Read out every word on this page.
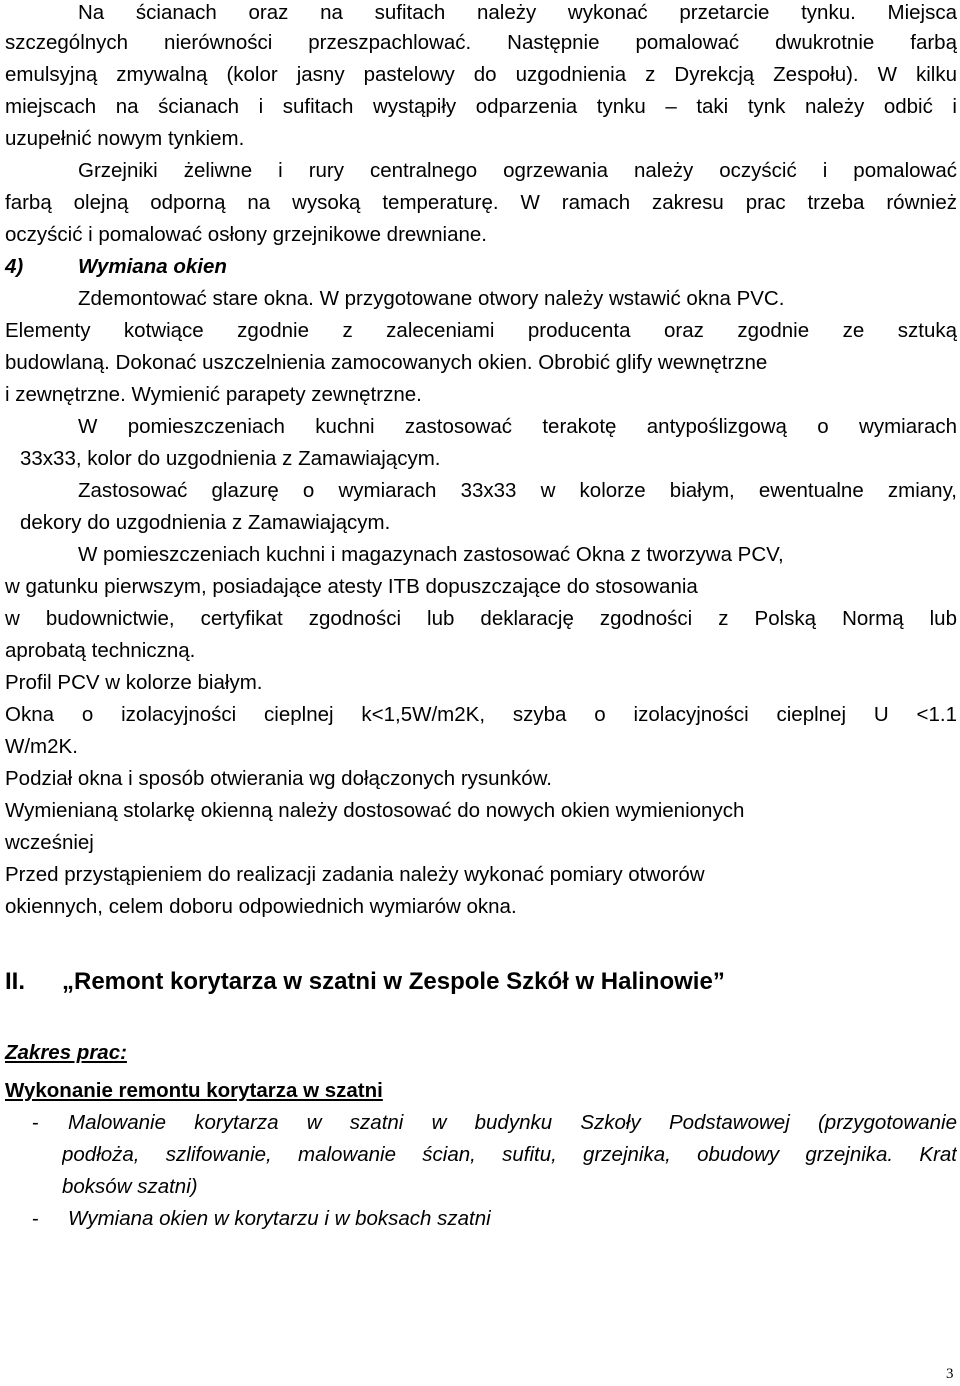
Na ścianach oraz na sufitach należy wykonać przetarcie tynku. Miejsca
szczególnych nierówności przeszpachlować. Następnie pomalować dwukrotnie farbą
emulsyjną zmywalną (kolor jasny pastelowy do uzgodnienia z Dyrekcją Zespołu). W kilku
miejscach na ścianach i sufitach wystąpiły odparzenia tynku – taki tynk należy odbić i
uzupełnić nowym tynkiem.
Grzejniki żeliwne i rury centralnego ogrzewania należy oczyścić i pomalować
farbą olejną odporną na wysoką temperaturę. W ramach zakresu prac trzeba również
oczyścić i pomalować osłony grzejnikowe drewniane.
4)	Wymiana okien
Zdemontować stare okna. W przygotowane otwory należy wstawić okna PVC.
Elementy kotwiące zgodnie z zaleceniami producenta oraz zgodnie ze sztuką
budowlaną. Dokonać uszczelnienia zamocowanych okien. Obrobić glify wewnętrzne
i zewnętrzne. Wymienić parapety zewnętrzne.
W pomieszczeniach kuchni zastosować terakotę antypoślizgową o wymiarach
33x33, kolor do uzgodnienia z Zamawiającym.
Zastosować glazurę o wymiarach 33x33 w kolorze białym, ewentualne zmiany,
dekory do uzgodnienia z Zamawiającym.
W pomieszczeniach kuchni i magazynach zastosować Okna z tworzywa PCV,
w gatunku pierwszym, posiadające atesty ITB dopuszczające do stosowania
w budownictwie, certyfikat zgodności lub deklarację zgodności z Polską Normą lub
aprobatą techniczną.
Profil PCV w kolorze białym.
Okna o izolacyjności cieplnej k<1,5W/m2K, szyba o izolacyjności cieplnej U <1.1
W/m2K.
Podział okna i sposób otwierania wg dołączonych rysunków.
Wymienianą stolarkę okienną należy dostosować do nowych okien wymienionych
wcześniej
Przed przystąpieniem do realizacji zadania należy wykonać pomiary otworów
okiennych, celem doboru odpowiednich wymiarów okna.
II.	„Remont korytarza w szatni w Zespole Szkół w Halinowie”
Zakres prac:
Wykonanie remontu korytarza w szatni
-	Malowanie korytarza w szatni w budynku Szkoły Podstawowej (przygotowanie
podłoża, szlifowanie, malowanie ścian, sufitu, grzejnika, obudowy grzejnika. Krat
boksów szatni)
-	Wymiana okien w korytarzu i w boksach szatni
3
